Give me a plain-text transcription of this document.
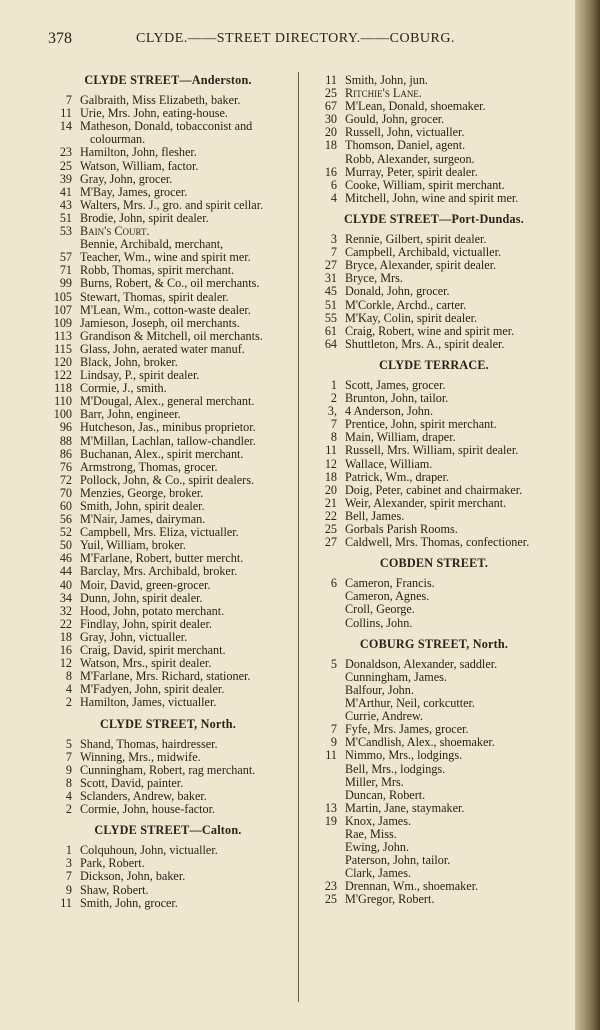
378	CLYDE.——STREET DIRECTORY.——COBURG.
CLYDE STREET—Anderston.
7 Galbraith, Miss Elizabeth, baker.
11 Urie, Mrs. John, eating-house.
14 Matheson, Donald, tobacconist and
colourman.
23 Hamilton, John, flesher.
25 Watson, William, factor.
39 Gray, John, grocer.
41 M'Bay, James, grocer.
43 Walters, Mrs. J., gro. and spirit cellar.
51 Brodie, John, spirit dealer.
53 Bain's Court.
Bennie, Archibald, merchant,
57 Teacher, Wm., wine and spirit mer.
71 Robb, Thomas, spirit merchant.
99 Burns, Robert, & Co., oil merchants.
105 Stewart, Thomas, spirit dealer.
107 M'Lean, Wm., cotton-waste dealer.
109 Jamieson, Joseph, oil merchants.
113 Grandison & Mitchell, oil merchants.
115 Glass, John, aerated water manuf.
120 Black, John, broker.
122 Lindsay, P., spirit dealer.
118 Cormie, J., smith.
110 M'Dougal, Alex., general merchant.
100 Barr, John, engineer.
96 Hutcheson, Jas., minibus proprietor.
88 M'Millan, Lachlan, tallow-chandler.
86 Buchanan, Alex., spirit merchant.
76 Armstrong, Thomas, grocer.
72 Pollock, John, & Co., spirit dealers.
70 Menzies, George, broker.
60 Smith, John, spirit dealer.
56 M'Nair, James, dairyman.
52 Campbell, Mrs. Eliza, victualler.
50 Yuil, William, broker.
46 M'Farlane, Robert, butter mercht.
44 Barclay, Mrs. Archibald, broker.
40 Moir, David, green-grocer.
34 Dunn, John, spirit dealer.
32 Hood, John, potato merchant.
22 Findlay, John, spirit dealer.
18 Gray, John, victualler.
16 Craig, David, spirit merchant.
12 Watson, Mrs., spirit dealer.
8 M'Farlane, Mrs. Richard, stationer.
4 M'Fadyen, John, spirit dealer.
2 Hamilton, James, victualler.
CLYDE STREET, North.
5 Shand, Thomas, hairdresser.
7 Winning, Mrs., midwife.
9 Cunningham, Robert, rag merchant.
8 Scott, David, painter.
4 Sclanders, Andrew, baker.
2 Cormie, John, house-factor.
CLYDE STREET—Calton.
1 Colquhoun, John, victualler.
3 Park, Robert.
7 Dickson, John, baker.
9 Shaw, Robert.
11 Smith, John, grocer.
11 Smith, John, jun.
25 Ritchie's Lane.
67 M'Lean, Donald, shoemaker.
30 Gould, John, grocer.
20 Russell, John, victualler.
18 Thomson, Daniel, agent.
Robb, Alexander, surgeon.
16 Murray, Peter, spirit dealer.
6 Cooke, William, spirit merchant.
4 Mitchell, John, wine and spirit mer.
CLYDE STREET—Port-Dundas.
3 Rennie, Gilbert, spirit dealer.
7 Campbell, Archibald, victualler.
27 Bryce, Alexander, spirit dealer.
31 Bryce, Mrs.
45 Donald, John, grocer.
51 M'Corkle, Archd., carter.
55 M'Kay, Colin, spirit dealer.
61 Craig, Robert, wine and spirit mer.
64 Shuttleton, Mrs. A., spirit dealer.
CLYDE TERRACE.
1 Scott, James, grocer.
2 Brunton, John, tailor.
3, 4 Anderson, John.
7 Prentice, John, spirit merchant.
8 Main, William, draper.
11 Russell, Mrs. William, spirit dealer.
12 Wallace, William.
18 Patrick, Wm., draper.
20 Doig, Peter, cabinet and chairmaker.
21 Weir, Alexander, spirit merchant.
22 Bell, James.
25 Gorbals Parish Rooms.
27 Caldwell, Mrs. Thomas, confectioner.
COBDEN STREET.
6 Cameron, Francis.
Cameron, Agnes.
Croll, George.
Collins, John.
COBURG STREET, North.
5 Donaldson, Alexander, saddler.
Cunningham, James.
Balfour, John.
M'Arthur, Neil, corkcutter.
Currie, Andrew.
7 Fyfe, Mrs. James, grocer.
9 M'Candlish, Alex., shoemaker.
11 Nimmo, Mrs., lodgings.
Bell, Mrs., lodgings.
Miller, Mrs.
Duncan, Robert.
13 Martin, Jane, staymaker.
19 Knox, James.
Rae, Miss.
Ewing, John.
Paterson, John, tailor.
Clark, James.
23 Drennan, Wm., shoemaker.
25 M'Gregor, Robert.
